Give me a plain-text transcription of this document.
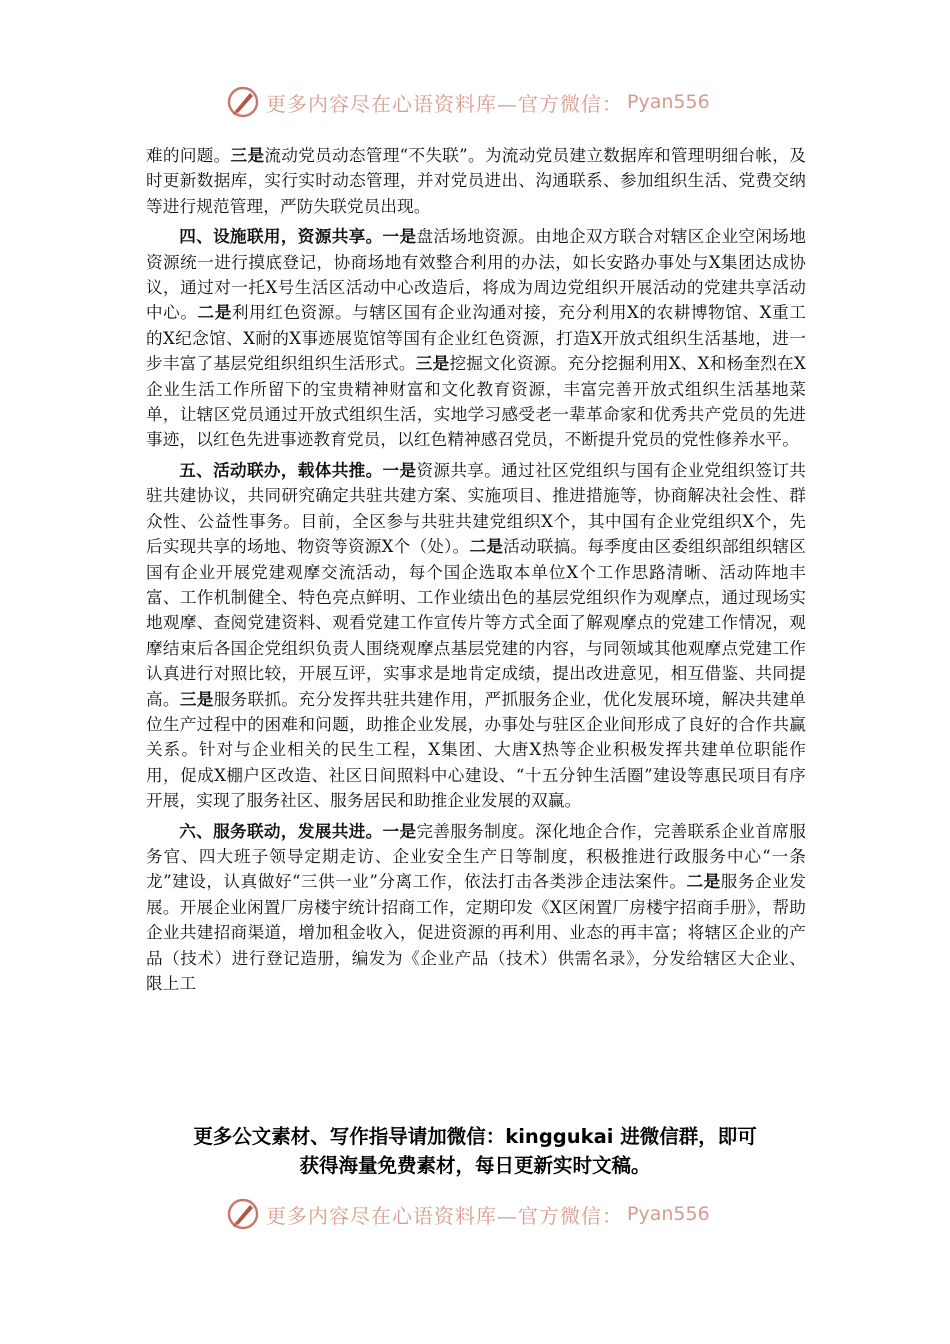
更多内容尽在心语资料库—官方微信： Pyan556

难的问题。三是流动党员动态管理“不失联”。为流动党员建立数据库和管理明细台帐，及时更新数据库，实行实时动态管理，并对党员进出、沟通联系、参加组织生活、党费交纳等进行规范管理，严防失联党员出现。

四、设施联用，资源共享。一是盘活场地资源。由地企双方联合对辖区企业空闲场地资源统一进行摸底登记，协商场地有效整合利用的办法，如长安路办事处与X集团达成协议，通过对一托X号生活区活动中心改造后，将成为周边党组织开展活动的党建共享活动中心。二是利用红色资源。与辖区国有企业沟通对接，充分利用X的农耕博物馆、X重工的X纪念馆、X耐的X事迹展览馆等国有企业红色资源，打造X开放式组织生活基地，进一步丰富了基层党组织组织生活形式。三是挖掘文化资源。充分挖掘利用X、X和杨奎烈在X企业生活工作所留下的宝贵精神财富和文化教育资源，丰富完善开放式组织生活基地菜单，让辖区党员通过开放式组织生活，实地学习感受老一辈革命家和优秀共产党员的先进事迹，以红色先进事迹教育党员，以红色精神感召党员，不断提升党员的党性修养水平。

五、活动联办，载体共推。一是资源共享。通过社区党组织与国有企业党组织签订共驻共建协议，共同研究确定共驻共建方案、实施项目、推进措施等，协商解决社会性、群众性、公益性事务。目前，全区参与共驻共建党组织X个，其中国有企业党组织X个，先后实现共享的场地、物资等资源X个（处）。二是活动联搞。每季度由区委组织部组织辖区国有企业开展党建观摩交流活动，每个国企选取本单位X个工作思路清晰、活动阵地丰富、工作机制健全、特色亮点鲜明、工作业绩出色的基层党组织作为观摩点，通过现场实地观摩、查阅党建资料、观看党建工作宣传片等方式全面了解观摩点的党建工作情况，观摩结束后各国企党组织负责人围绕观摩点基层党建的内容，与同领域其他观摩点党建工作认真进行对照比较，开展互评，实事求是地肯定成绩，提出改进意见，相互借鉴、共同提高。三是服务联抓。充分发挥共驻共建作用，严抓服务企业，优化发展环境，解决共建单位生产过程中的困难和问题，助推企业发展，办事处与驻区企业间形成了良好的合作共赢关系。针对与企业相关的民生工程，X集团、大唐X热等企业积极发挥共建单位职能作用，促成X棚户区改造、社区日间照料中心建设、“十五分钟生活圈”建设等惠民项目有序开展，实现了服务社区、服务居民和助推企业发展的双赢。

六、服务联动，发展共进。一是完善服务制度。深化地企合作，完善联系企业首席服务官、四大班子领导定期走访、企业安全生产日等制度，积极推进行政服务中心“一条龙”建设，认真做好“三供一业”分离工作，依法打击各类涉企违法案件。二是服务企业发展。开展企业闲置厂房楼宇统计招商工作，定期印发《X区闲置厂房楼宇招商手册》，帮助企业共建招商渠道，增加租金收入，促进资源的再利用、业态的再丰富；将辖区企业的产品（技术）进行登记造册，编发为《企业产品（技术）供需名录》，分发给辖区大企业、限上工

更多公文素材、写作指导请加微信：kinggukai 进微信群，即可
获得海量免费素材，每日更新实时文稿。
更多内容尽在心语资料库—官方微信： Pyan556
